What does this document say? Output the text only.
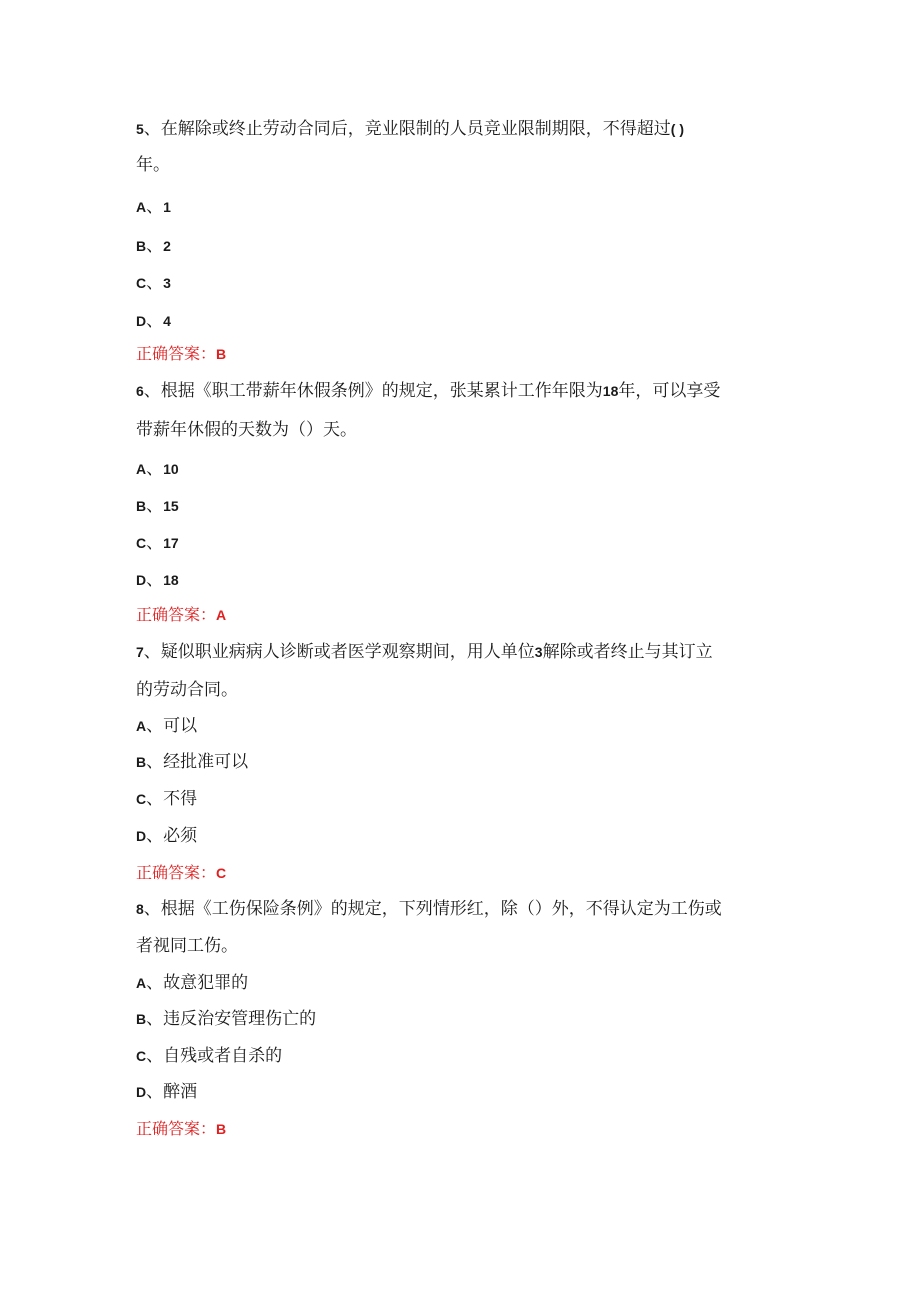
5、在解除或终止劳动合同后，竞业限制的人员竞业限制期限，不得超过( )
年。
A、1
B、2
C、3
D、4
正确答案：B
6、根据《职工带薪年休假条例》的规定，张某累计工作年限为18年，可以享受
带薪年休假的天数为（）天。
A、10
B、15
C、17
D、18
正确答案：A
7、疑似职业病病人诊断或者医学观察期间，用人单位3解除或者终止与其订立
的劳动合同。
A、可以
B、经批准可以
C、不得
D、必须
正确答案：C
8、根据《工伤保险条例》的规定，下列情形红，除（）外，不得认定为工伤或
者视同工伤。
A、故意犯罪的
B、违反治安管理伤亡的
C、自残或者自杀的
D、醉酒
正确答案：B
